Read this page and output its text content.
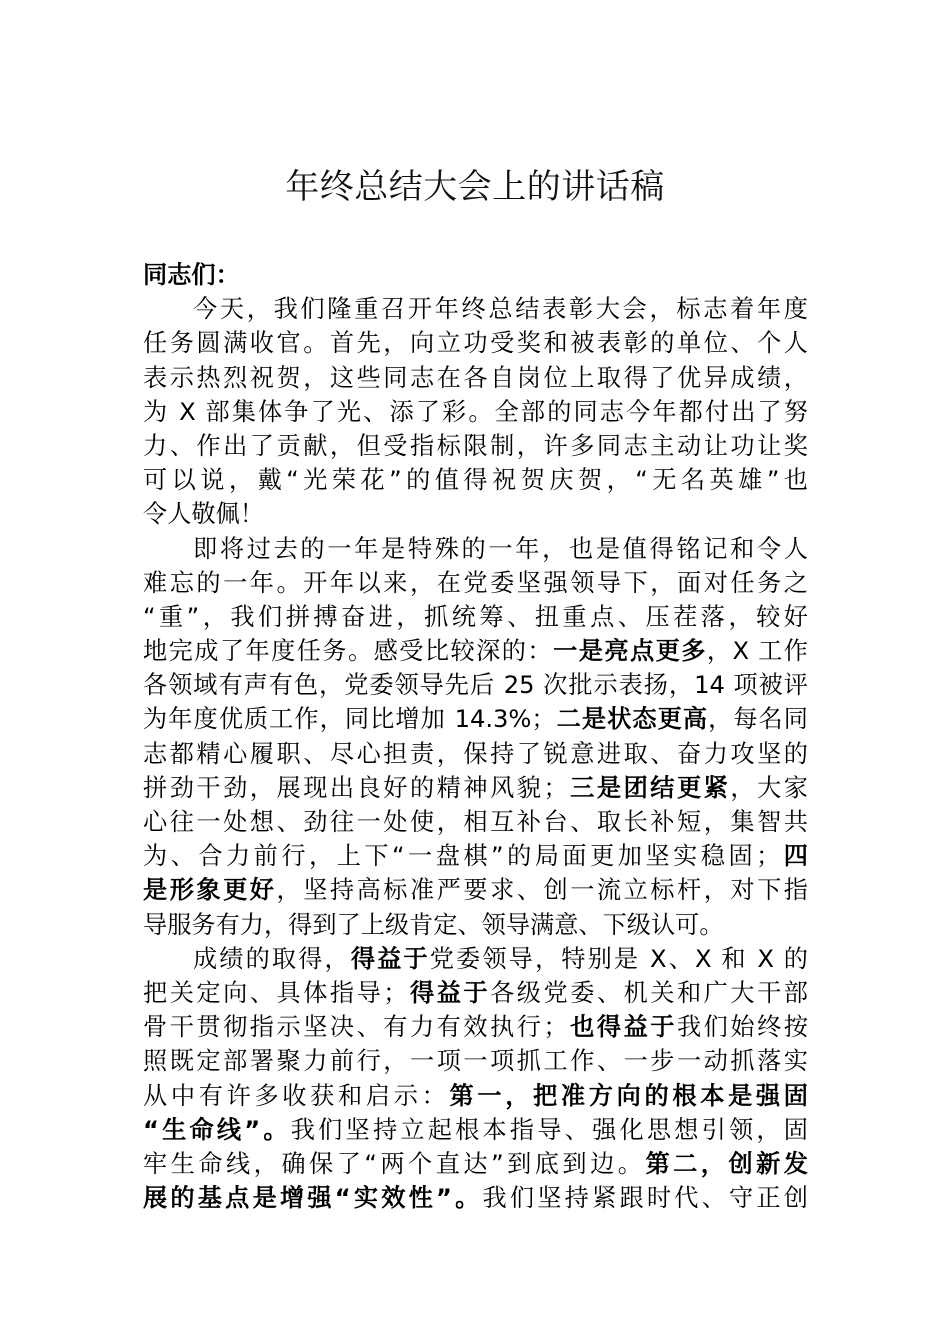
年终总结大会上的讲话稿
同志们：
今天，我们隆重召开年终总结表彰大会，标志着年度
任务圆满收官。首先，向立功受奖和被表彰的单位、个人
表示热烈祝贺，这些同志在各自岗位上取得了优异成绩，
为 X 部集体争了光、添了彩。全部的同志今年都付出了努
力、作出了贡献，但受指标限制，许多同志主动让功让奖
可以说，戴“光荣花”的值得祝贺庆贺，“无名英雄”也
令人敬佩！
即将过去的一年是特殊的一年，也是值得铭记和令人
难忘的一年。开年以来，在党委坚强领导下，面对任务之
“重”，我们拼搏奋进，抓统筹、扭重点、压茬落，较好
地完成了年度任务。感受比较深的：一是亮点更多，X 工作
各领域有声有色，党委领导先后 25 次批示表扬，14 项被评
为年度优质工作，同比增加 14.3%；二是状态更高，每名同
志都精心履职、尽心担责，保持了锐意进取、奋力攻坚的
拼劲干劲，展现出良好的精神风貌；三是团结更紧，大家
心往一处想、劲往一处使，相互补台、取长补短，集智共
为、合力前行，上下“一盘棋”的局面更加坚实稳固；四
是形象更好，坚持高标准严要求、创一流立标杆，对下指
导服务有力，得到了上级肯定、领导满意、下级认可。
成绩的取得，得益于党委领导，特别是 X、X 和 X 的
把关定向、具体指导；得益于各级党委、机关和广大干部
骨干贯彻指示坚决、有力有效执行；也得益于我们始终按
照既定部署聚力前行，一项一项抓工作、一步一动抓落实
从中有许多收获和启示：第一，把准方向的根本是强固
“生命线”。我们坚持立起根本指导、强化思想引领，固
牢生命线，确保了“两个直达”到底到边。第二，创新发
展的基点是增强“实效性”。我们坚持紧跟时代、守正创
